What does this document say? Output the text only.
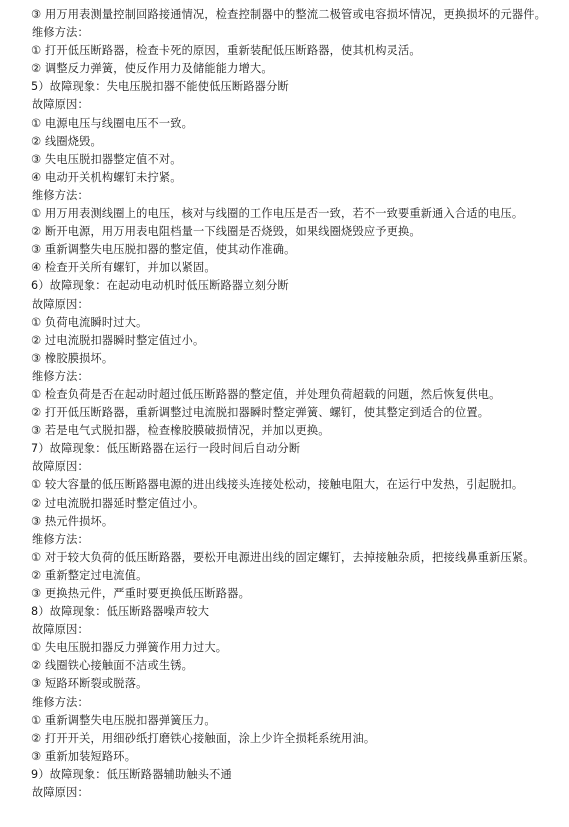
③ 用万用表测量控制回路接通情况，检查控制器中的整流二极管或电容损坏情况，更换损坏的元器件。
维修方法：
① 打开低压断路器，检查卡死的原因，重新装配低压断路器，使其机构灵活。
② 调整反力弹簧，使反作用力及储能能力增大。
5）故障现象：失电压脱扣器不能使低压断路器分断
故障原因：
① 电源电压与线圈电压不一致。
② 线圈烧毁。
③ 失电压脱扣器整定值不对。
④ 电动开关机构螺钉未拧紧。
维修方法：
① 用万用表测线圈上的电压，核对与线圈的工作电压是否一致，若不一致要重新通入合适的电压。
② 断开电源，用万用表电阻档量一下线圈是否烧毁，如果线圈烧毁应予更换。
③ 重新调整失电压脱扣器的整定值，使其动作准确。
④ 检查开关所有螺钉，并加以紧固。
6）故障现象：在起动电动机时低压断路器立刻分断
故障原因：
① 负荷电流瞬时过大。
② 过电流脱扣器瞬时整定值过小。
③ 橡胶膜损坏。
维修方法：
① 检查负荷是否在起动时超过低压断路器的整定值，并处理负荷超载的问题，然后恢复供电。
② 打开低压断路器，重新调整过电流脱扣器瞬时整定弹簧、螺钉，使其整定到适合的位置。
③ 若是电气式脱扣器，检查橡胶膜破损情况，并加以更换。
7）故障现象：低压断路器在运行一段时间后自动分断
故障原因：
① 较大容量的低压断路器电源的进出线接头连接处松动，接触电阻大，在运行中发热，引起脱扣。
② 过电流脱扣器延时整定值过小。
③ 热元件损坏。
维修方法：
① 对于较大负荷的低压断路器，要松开电源进出线的固定螺钉，去掉接触杂质，把接线鼻重新压紧。
② 重新整定过电流值。
③ 更换热元件，严重时要更换低压断路器。
8）故障现象：低压断路器噪声较大
故障原因：
① 失电压脱扣器反力弹簧作用力过大。
② 线圈铁心接触面不洁或生锈。
③ 短路环断裂或脱落。
维修方法：
① 重新调整失电压脱扣器弹簧压力。
② 打开开关，用细砂纸打磨铁心接触面，涂上少许全损耗系统用油。
③ 重新加装短路环。
9）故障现象：低压断路器辅助触头不通
故障原因：
